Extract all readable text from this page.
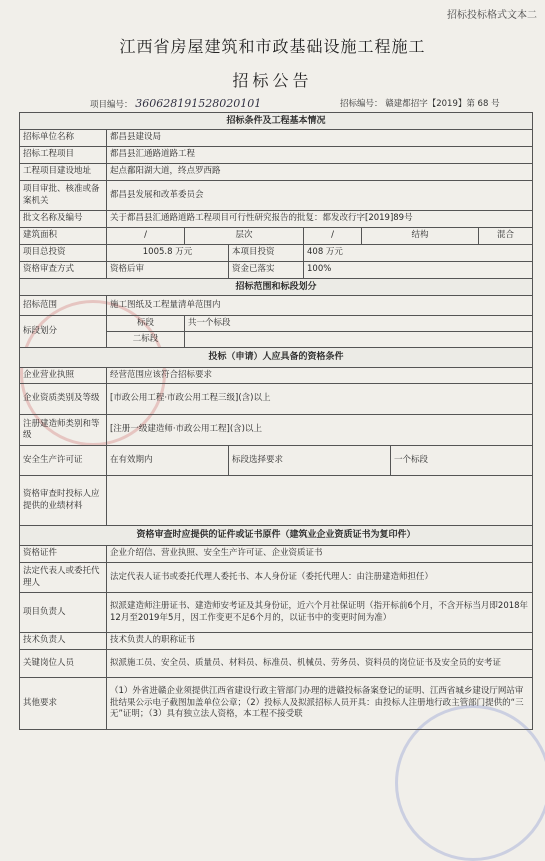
招标投标格式文本二
江西省房屋建筑和市政基础设施工程施工
招标公告
项目编号： 360628191528020101	招标编号： 赣建都招字【2019】第 68 号
招标条件及工程基本情况							
招标单位名称	都昌县建设局						
招标工程项目	都昌县汇通路道路工程						
工程项目建设地址	起点鄱阳湖大道，终点罗西路						
项目审批、核准或备案机关	都昌县发展和改革委员会						
批文名称及编号	关于都昌县汇通路道路工程项目可行性研究报告的批复：都发改行字[2019]89号						
建筑面积	/	层次		/	结构		混合
项目总投资	1005.8 万元		本项目投资	408 万元			
资格审查方式	资格后审		资金已落实	100%			
招标范围和标段划分							
招标范围	施工图纸及工程量清单范围内						
标段划分	标段	共一个标段					
	二标段						
投标（申请）人应具备的资格条件							
企业营业执照	经营范围应该符合招标要求						
企业资质类别及等级	[市政公用工程·市政公用工程三级](含)以上						
注册建造师类别和等级	[注册一级建造师·市政公用工程](含)以上						
安全生产许可证	在有效期内		标段选择要求			一个标段	
资格审查时投标人应提供的业绩材料							
资格审查时应提供的证件或证书原件（建筑业企业资质证书为复印件）							
资格证件	企业介绍信、营业执照、安全生产许可证、企业资质证书						
法定代表人或委托代理人	法定代表人证书或委托代理人委托书、本人身份证（委托代理人：由注册建造师担任）						
项目负责人	拟派建造师注册证书、建造师安考证及其身份证，近六个月社保证明（指开标前6个月，不含开标当月即2018年12月至2019年5月，因工作变更不足6个月的，以证书中的变更时间为准）						
技术负责人	技术负责人的职称证书						
关键岗位人员	拟派施工员、安全员、质量员、材料员、标准员、机械员、劳务员、资料员的岗位证书及安全员的安考证						
其他要求	（1）外省进赣企业须提供江西省建设行政主管部门办理的进赣投标备案登记的证明、江西省城乡建设厅网站审批结果公示电子截图加盖单位公章；（2）投标人及拟派招标人员开具：由投标人注册地行政主管部门提供的“三无”证明；（3）具有独立法人资格，本工程不接受联						
